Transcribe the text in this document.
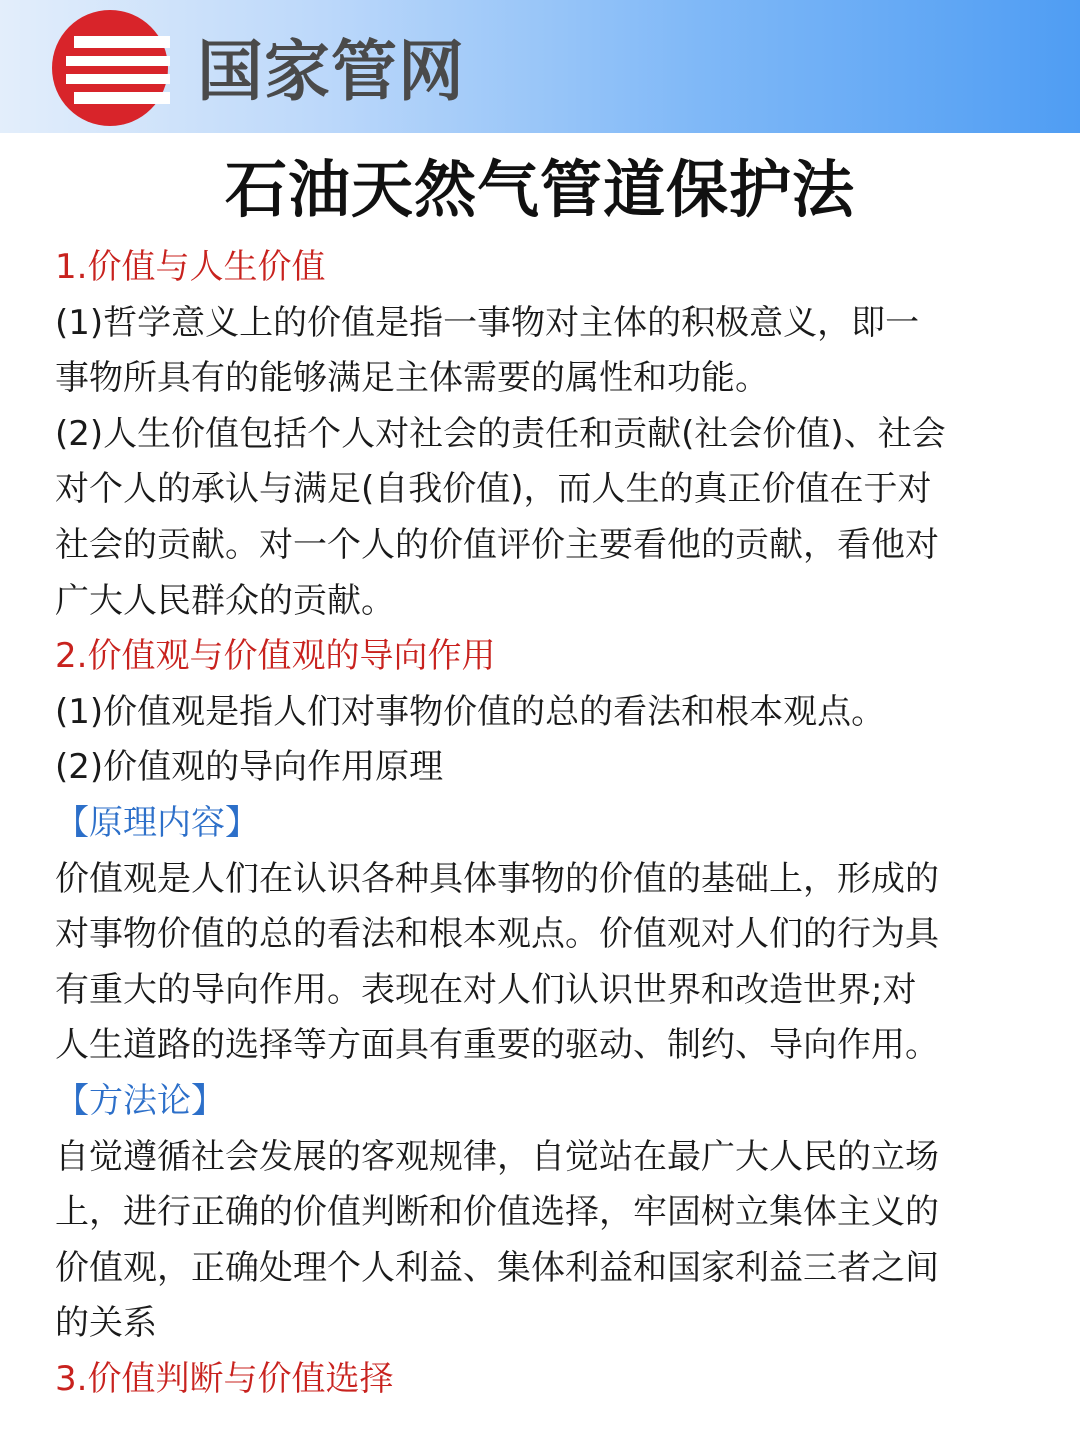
国家管网
石油天然气管道保护法
1.价值与人生价值
(1)哲学意义上的价值是指一事物对主体的积极意义，即一
事物所具有的能够满足主体需要的属性和功能。
(2)人生价值包括个人对社会的责任和贡献(社会价值)、社会
对个人的承认与满足(自我价值)，而人生的真正价值在于对
社会的贡献。对一个人的价值评价主要看他的贡献，看他对
广大人民群众的贡献。
2.价值观与价值观的导向作用
(1)价值观是指人们对事物价值的总的看法和根本观点。
(2)价值观的导向作用原理
【原理内容】
价值观是人们在认识各种具体事物的价值的基础上，形成的
对事物价值的总的看法和根本观点。价值观对人们的行为具
有重大的导向作用。表现在对人们认识世界和改造世界;对
人生道路的选择等方面具有重要的驱动、制约、导向作用。
【方法论】
自觉遵循社会发展的客观规律，自觉站在最广大人民的立场
上，进行正确的价值判断和价值选择，牢固树立集体主义的
价值观，正确处理个人利益、集体利益和国家利益三者之间
的关系
3.价值判断与价值选择
